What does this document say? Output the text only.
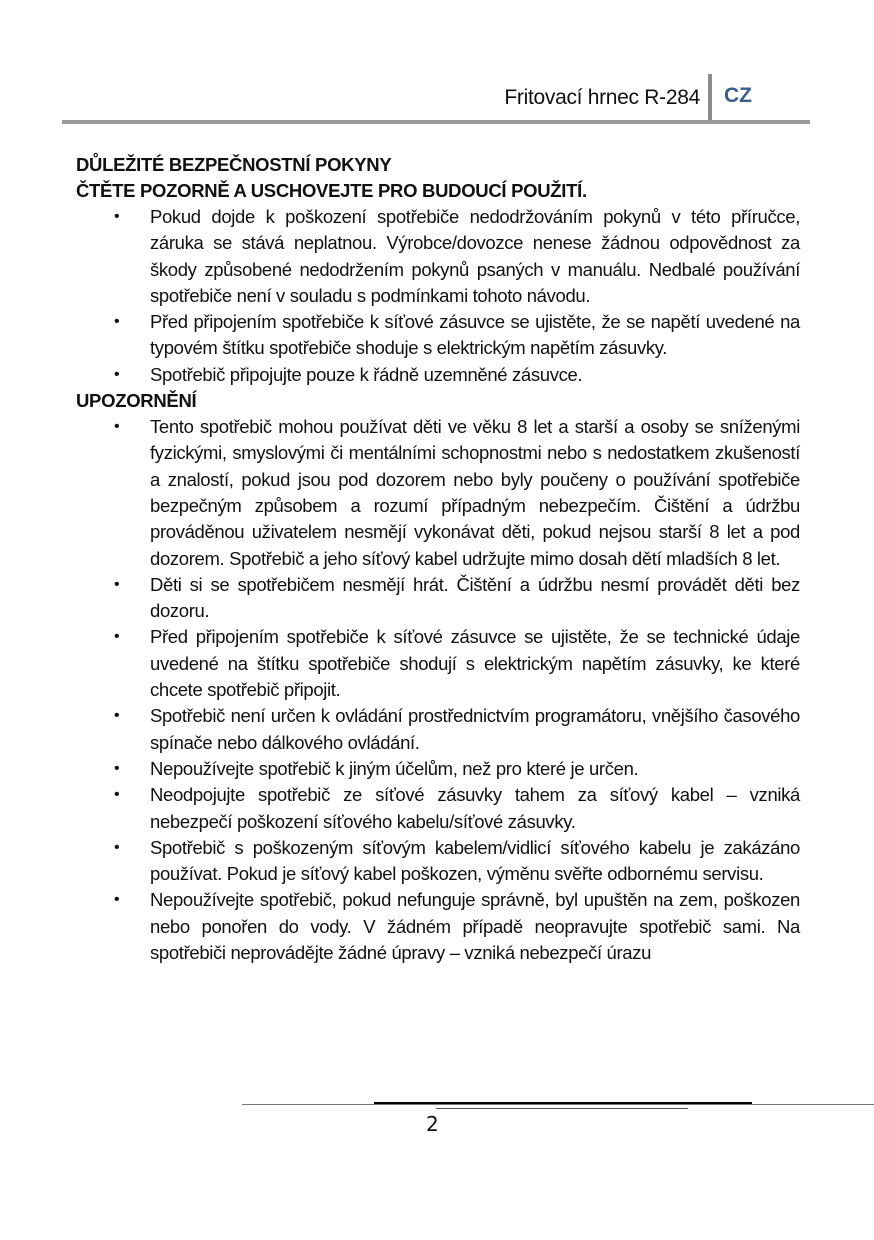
Fritovací hrnec R-284 CZ

DŮLEŽITÉ BEZPEČNOSTNÍ POKYNY

ČTĚTE POZORNĚ A USCHOVEJTE PRO BUDOUCÍ POUŽITÍ.

• Pokud dojde k poškození spotřebiče nedodržováním pokynů v této příručce, záruka se stává neplatnou. Výrobce/dovozce nenese žádnou odpovědnost za škody způsobené nedodržením pokynů psaných v manuálu. Nedbalé používání spotřebiče není v souladu s podmínkami tohoto návodu.
• Před připojením spotřebiče k síťové zásuvce se ujistěte, že se napětí uvedené na typovém štítku spotřebiče shoduje s elektrickým napětím zásuvky.
• Spotřebič připojujte pouze k řádně uzemněné zásuvce.

UPOZORNĚNÍ

• Tento spotřebič mohou používat děti ve věku 8 let a starší a osoby se sníženými fyzickými, smyslovými či mentálními schopnostmi nebo s nedostatkem zkušeností a znalostí, pokud jsou pod dozorem nebo byly poučeny o používání spotřebiče bezpečným způsobem a rozumí případným nebezpečím. Čištění a údržbu prováděnou uživatelem nesmějí vykonávat děti, pokud nejsou starší 8 let a pod dozorem. Spotřebič a jeho síťový kabel udržujte mimo dosah dětí mladších 8 let.
• Děti si se spotřebičem nesmějí hrát. Čištění a údržbu nesmí provádět děti bez dozoru.
• Před připojením spotřebiče k síťové zásuvce se ujistěte, že se technické údaje uvedené na štítku spotřebiče shodují s elektrickým napětím zásuvky, ke které chcete spotřebič připojit.
• Spotřebič není určen k ovládání prostřednictvím programátoru, vnějšího časového spínače nebo dálkového ovládání.
• Nepoužívejte spotřebič k jiným účelům, než pro které je určen.
• Neodpojujte spotřebič ze síťové zásuvky tahem za síťový kabel – vzniká nebezpečí poškození síťového kabelu/síťové zásuvky.
• Spotřebič s poškozeným síťovým kabelem/vidlicí síťového kabelu je zakázáno používat. Pokud je síťový kabel poškozen, výměnu svěřte odbornému servisu.
• Nepoužívejte spotřebič, pokud nefunguje správně, byl upuštěn na zem, poškozen nebo ponořen do vody. V žádném případě neopravujte spotřebič sami. Na spotřebiči neprovádějte žádné úpravy – vzniká nebezpečí úrazu
2
